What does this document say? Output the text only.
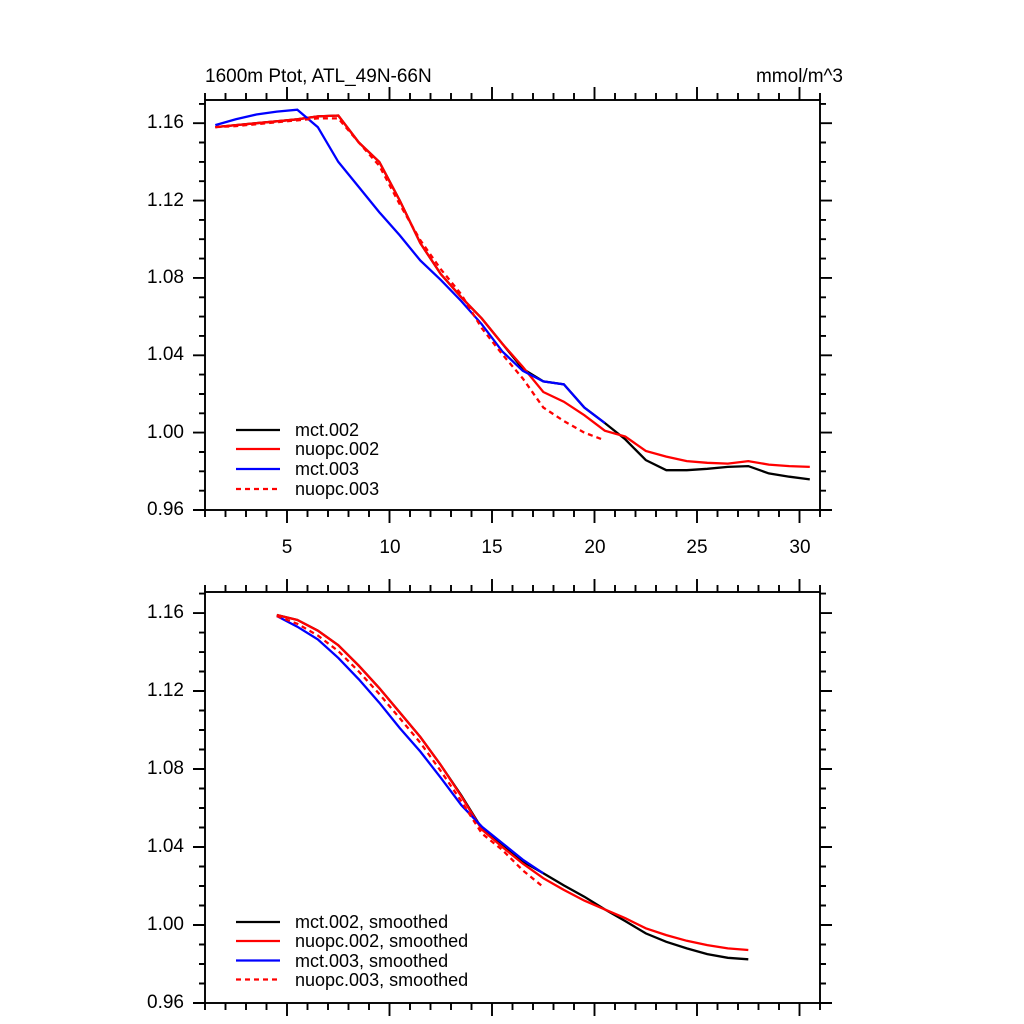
1600m Ptot, ATL_49N-66N	mmol/m^3
1.16
1.12
1.08
1.04
1.00
0.96
5	10	15	20	25	30
mct.002
nuopc.002
mct.003
nuopc.003
1.16
1.12
1.08
1.04
1.00
0.96
mct.002, smoothed
nuopc.002, smoothed
mct.003, smoothed
nuopc.003, smoothed
